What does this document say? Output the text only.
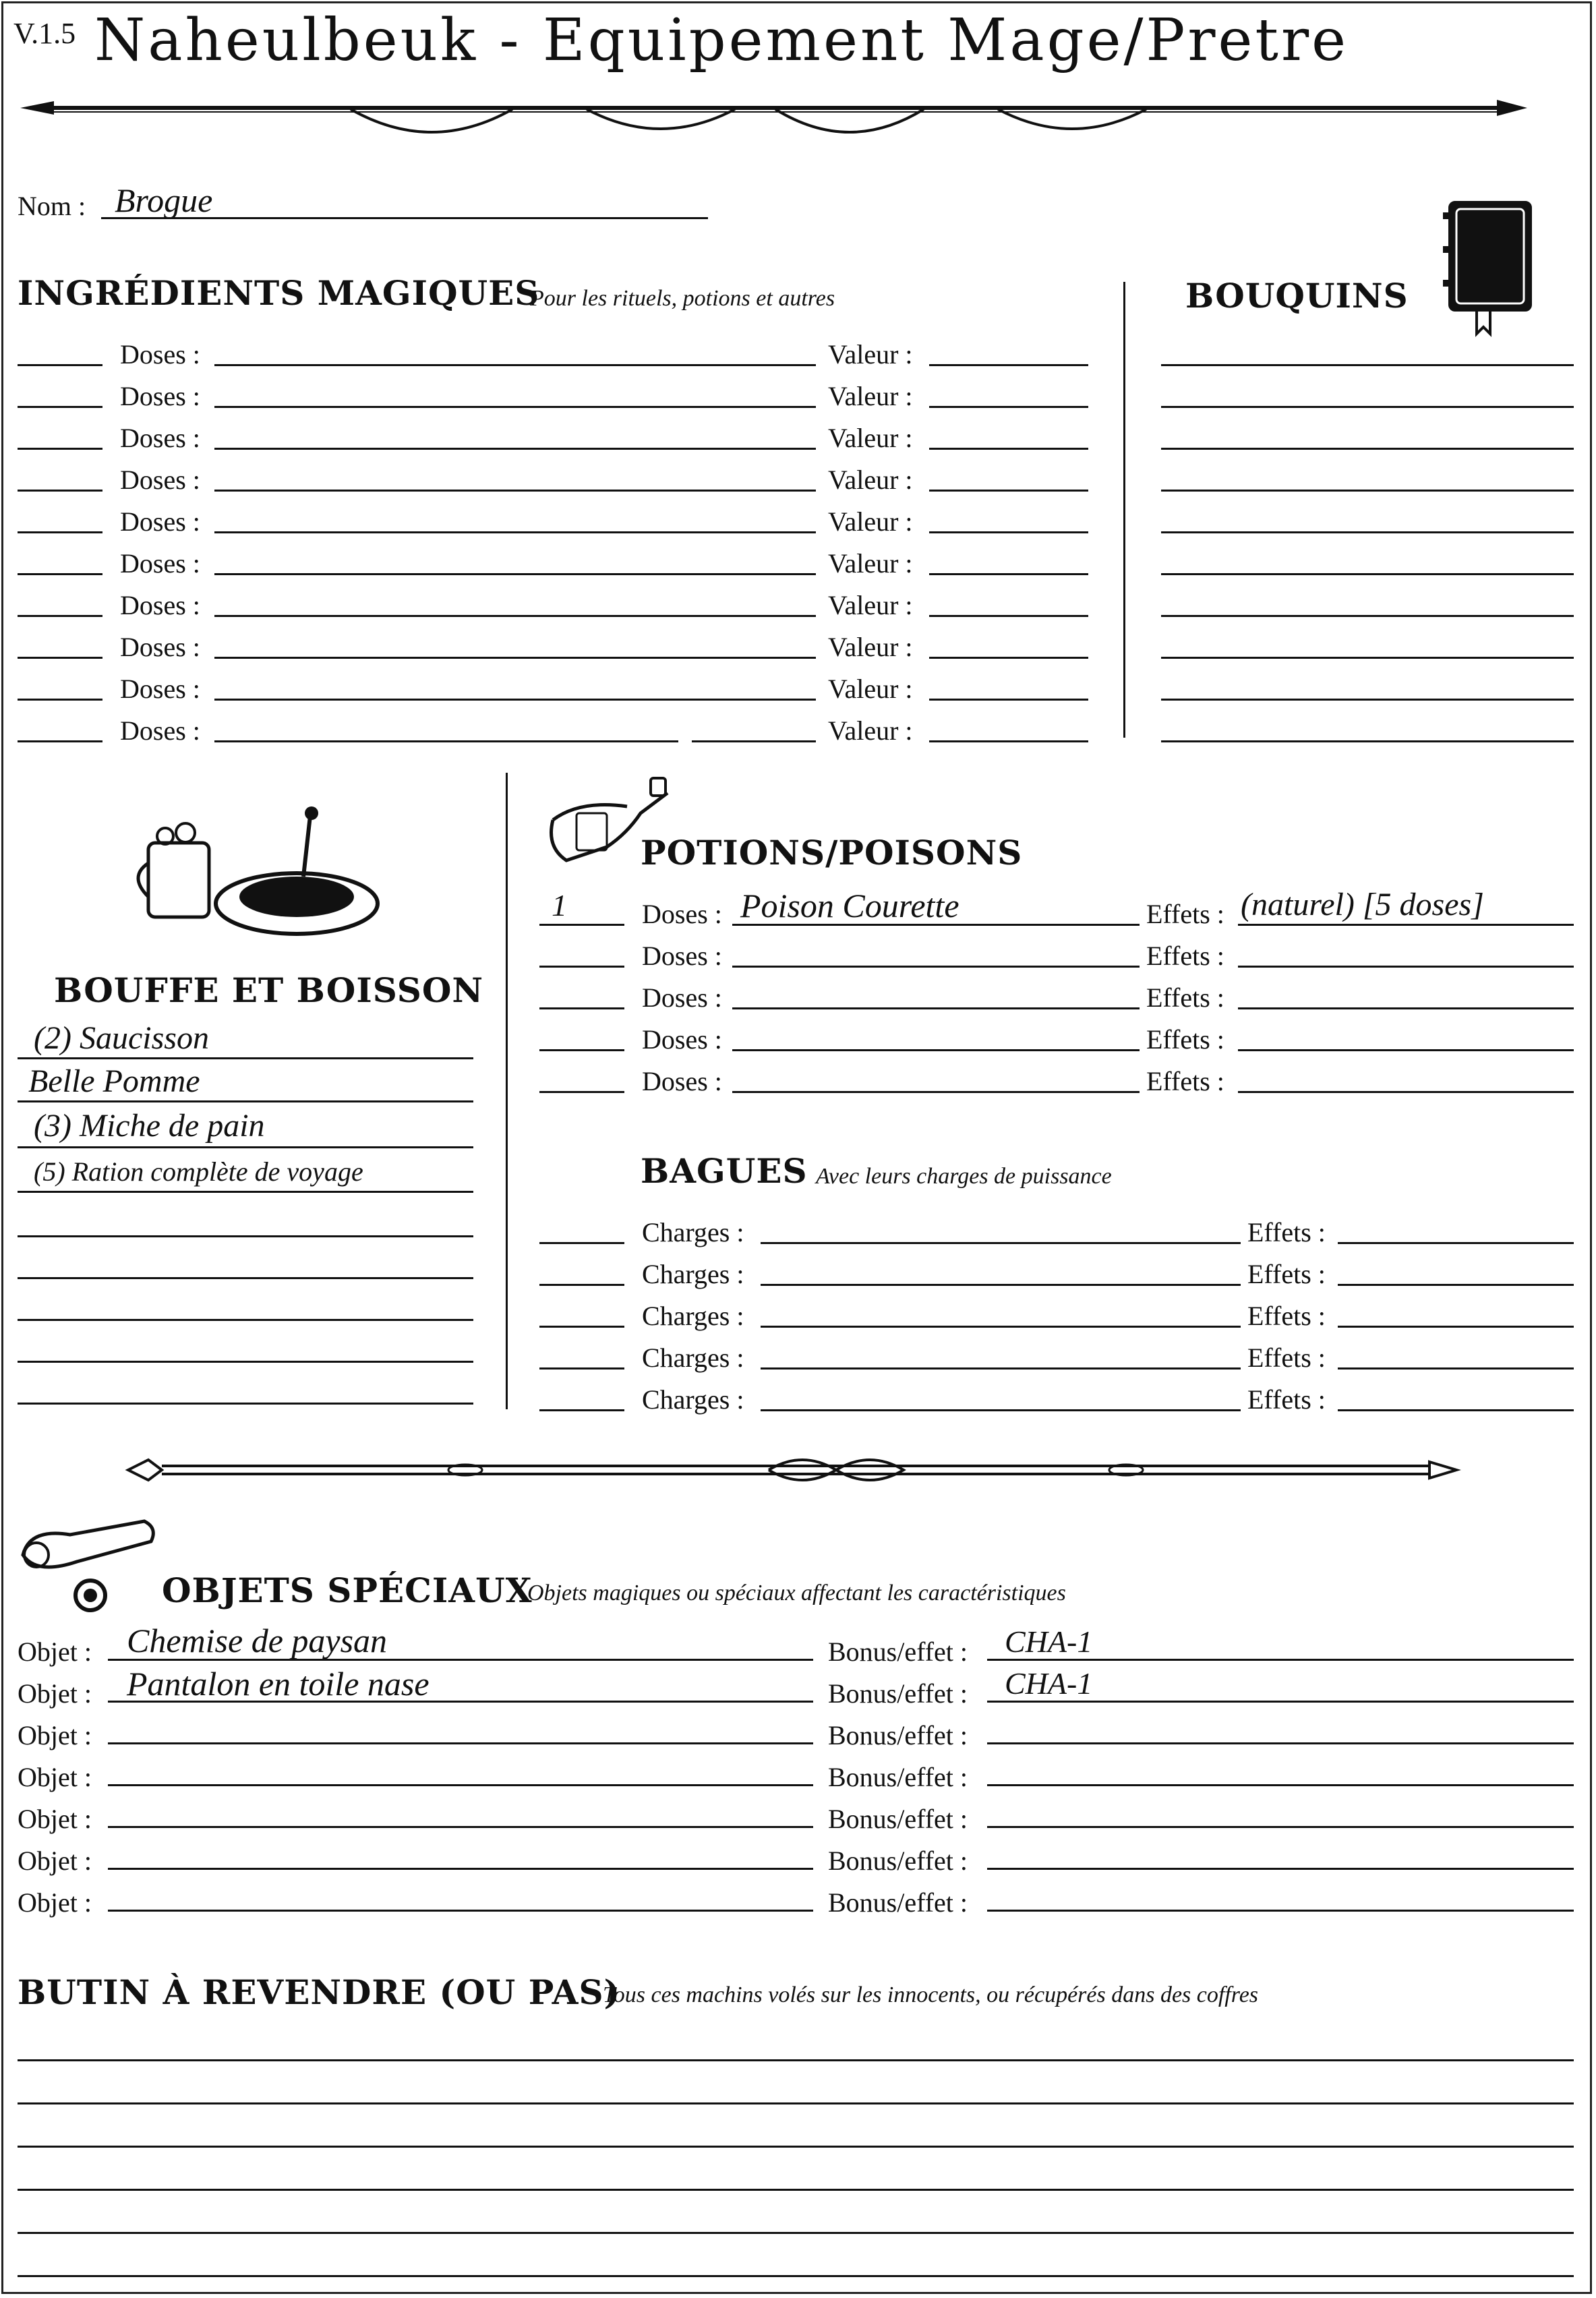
V.1.5 Naheulbeuk - Equipement Mage/Pretre
Nom : Brogue
INGRÉDIENTS MAGIQUES
Pour les rituels, potions et autres
Doses :	Valeur :
Doses :	Valeur :
Doses :	Valeur :
Doses :	Valeur :
Doses :	Valeur :
Doses :	Valeur :
Doses :	Valeur :
Doses :	Valeur :
Doses :	Valeur :
Doses :	Valeur :
BOUQUINS
BOUFFE ET BOISSON
(2) Saucisson
Belle Pomme
(3) Miche de pain
(5) Ration complète de voyage
POTIONS/POISONS
1	Doses : Poison Courette	Effets : (naturel) [5 doses]
Doses :	Effets :
Doses :	Effets :
Doses :	Effets :
Doses :	Effets :
BAGUES Avec leurs charges de puissance
Charges :	Effets :
Charges :	Effets :
Charges :	Effets :
Charges :	Effets :
Charges :	Effets :
OBJETS SPÉCIAUX
Objets magiques ou spéciaux affectant les caractéristiques
Objet : Chemise de paysan	Bonus/effet : CHA-1
Objet : Pantalon en toile nase	Bonus/effet : CHA-1
Objet :	Bonus/effet :
Objet :	Bonus/effet :
Objet :	Bonus/effet :
Objet :	Bonus/effet :
Objet :	Bonus/effet :
BUTIN À REVENDRE (OU PAS)
Tous ces machins volés sur les innocents, ou récupérés dans des coffres
